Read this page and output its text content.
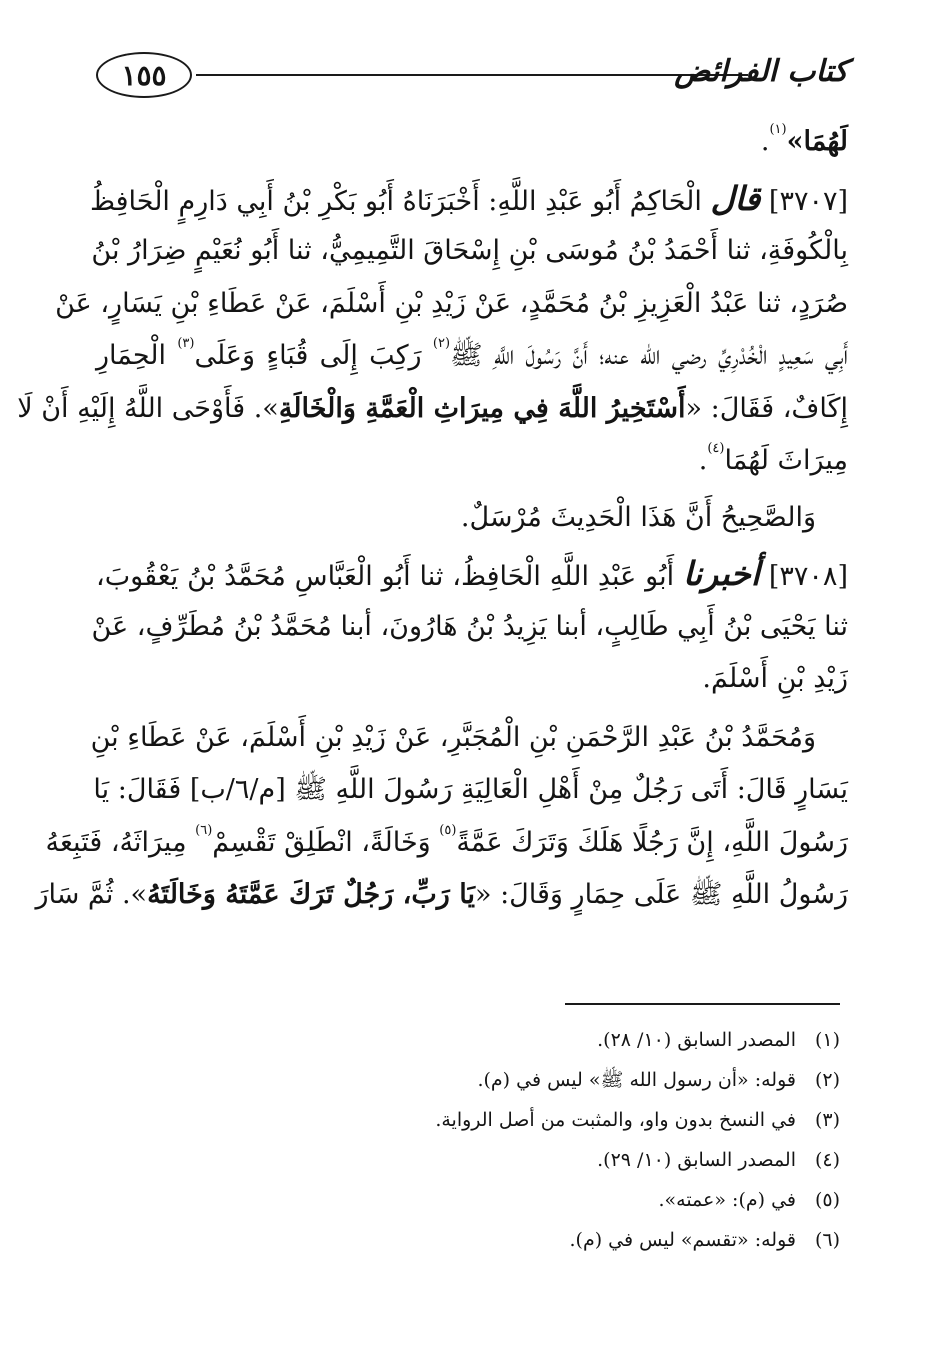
١٥٥	كتاب الفرائض
لَهُمَا»$^{(١)}$.
[٣٧٠٧] قال الْحَاكِمُ أَبُو عَبْدِ اللَّهِ: أَخْبَرَنَاهُ أَبُو بَكْرِ بْنُ أَبِي دَارِمٍ الْحَافِظُ
بِالْكُوفَةِ، ثنا أَحْمَدُ بْنُ مُوسَى بْنِ إِسْحَاقَ التَّمِيمِيُّ، ثنا أَبُو نُعَيْمٍ ضِرَارُ بْنُ
صُرَدٍ، ثنا عَبْدُ الْعَزِيزِ بْنُ مُحَمَّدٍ، عَنْ زَيْدِ بْنِ أَسْلَمَ، عَنْ عَطَاءِ بْنِ يَسَارٍ، عَنْ
أَبِي سَعِيدٍ الْخُدْرِيِّ رضي الله عنه؛ أَنَّ رَسُولَ اللَّهِ ﷺ$^{(٢)}$ رَكِبَ إِلَى قُبَاءٍ وَعَلَى$^{(٣)}$ الْحِمَارِ
إِكَافٌ، فَقَالَ: «أَسْتَخِيرُ اللَّهَ فِي مِيرَاثِ الْعَمَّةِ وَالْخَالَةِ». فَأَوْحَى اللَّهُ إِلَيْهِ أَنْ لَا
مِيرَاثَ لَهُمَا$^{(٤)}$.
وَالصَّحِيحُ أَنَّ هَذَا الْحَدِيثَ مُرْسَلٌ.
[٣٧٠٨] أخبرنا أَبُو عَبْدِ اللَّهِ الْحَافِظُ، ثنا أَبُو الْعَبَّاسِ مُحَمَّدُ بْنُ يَعْقُوبَ،
ثنا يَحْيَى بْنُ أَبِي طَالِبٍ، أبنا يَزِيدُ بْنُ هَارُونَ، أبنا مُحَمَّدُ بْنُ مُطَرِّفٍ، عَنْ
زَيْدِ بْنِ أَسْلَمَ.
وَمُحَمَّدُ بْنُ عَبْدِ الرَّحْمَنِ بْنِ الْمُجَبَّرِ، عَنْ زَيْدِ بْنِ أَسْلَمَ، عَنْ عَطَاءِ بْنِ
يَسَارٍ قَالَ: أَتَى رَجُلٌ مِنْ أَهْلِ الْعَالِيَةِ رَسُولَ اللَّهِ ﷺ [م/٦/ب] فَقَالَ: يَا
رَسُولَ اللَّهِ، إِنَّ رَجُلًا هَلَكَ وَتَرَكَ عَمَّةً$^{(٥)}$ وَخَالَةً، انْطَلِقْ تَقْسِمْ$^{(٦)}$ مِيرَاثَهُ، فَتَبِعَهُ
رَسُولُ اللَّهِ ﷺ عَلَى حِمَارٍ وَقَالَ: «يَا رَبِّ، رَجُلٌ تَرَكَ عَمَّتَهُ وَخَالَتَهُ». ثُمَّ سَارَ
(١)
المصدر السابق (١٠/ ٢٨).
(٢)
قوله: «أن رسول الله ﷺ» ليس في (م).
(٣)
في النسخ بدون واو، والمثبت من أصل الرواية.
(٤)
المصدر السابق (١٠/ ٢٩).
(٥)
في (م): «عمته».
(٦)
قوله: «تقسم» ليس في (م).
